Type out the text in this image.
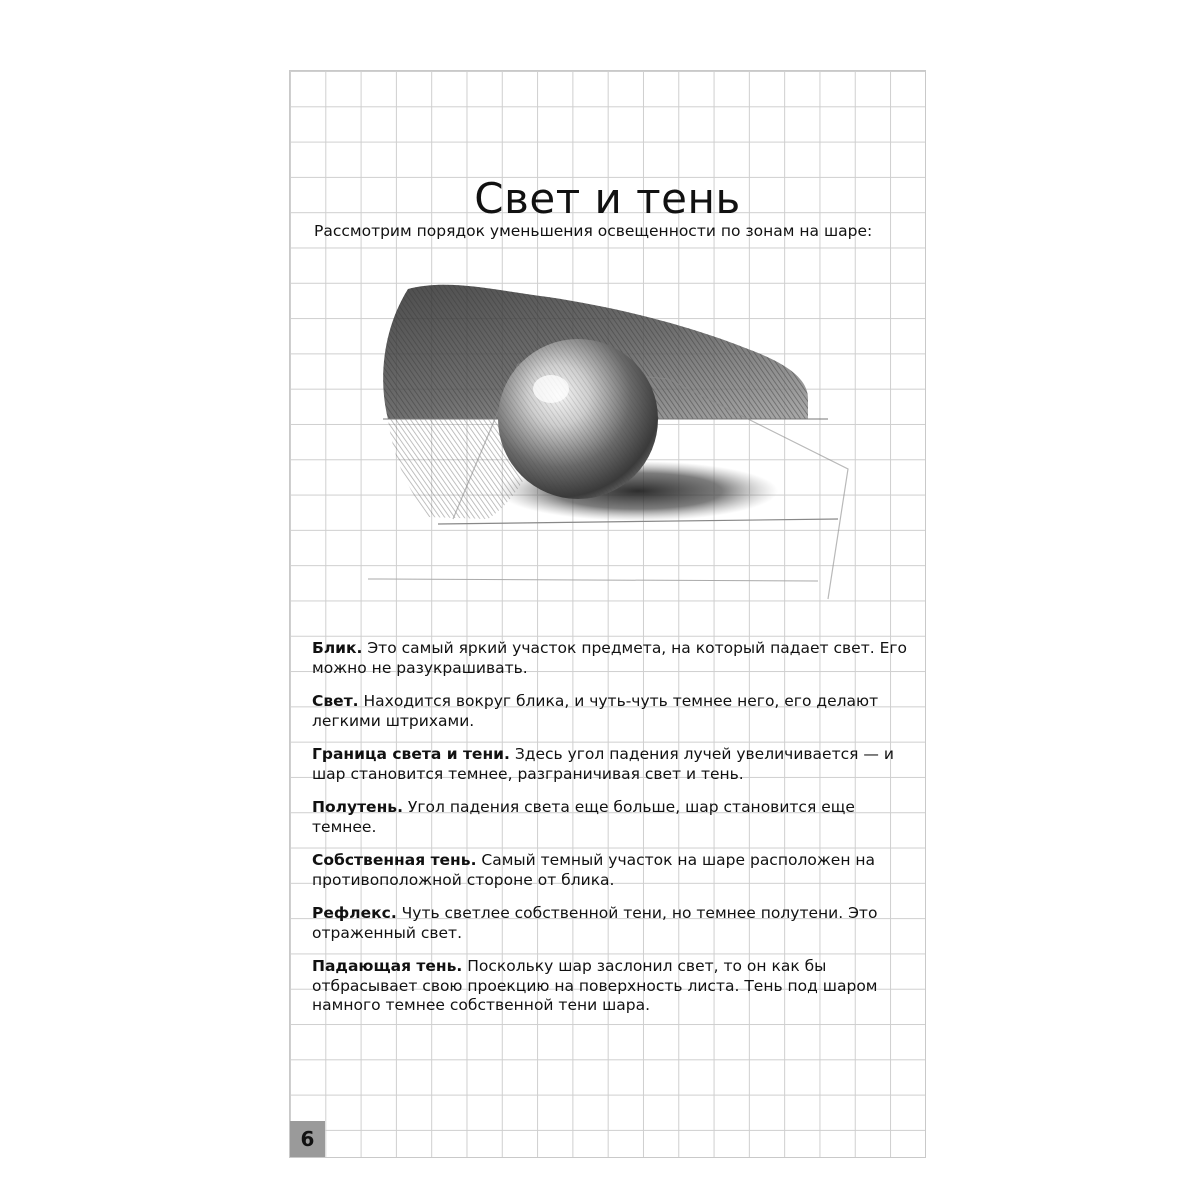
Свет и тень
Рассмотрим порядок уменьшения освещенности по зонам на шаре:

Блик. Это самый яркий участок предмета, на который падает свет. Его можно не разукрашивать.

Свет. Находится вокруг блика, и чуть-чуть темнее него, его делают легкими штрихами.

Граница света и тени. Здесь угол падения лучей увеличивается — и шар становится темнее, разграничивая свет и тень.

Полутень. Угол падения света еще больше, шар становится еще темнее.

Собственная тень. Самый темный участок на шаре расположен на противоположной стороне от блика.

Рефлекс. Чуть светлее собственной тени, но темнее полутени. Это отраженный свет.

Падающая тень. Поскольку шар заслонил свет, то он как бы отбрасывает свою проекцию на поверхность листа. Тень под шаром намного темнее собственной тени шара.

6
